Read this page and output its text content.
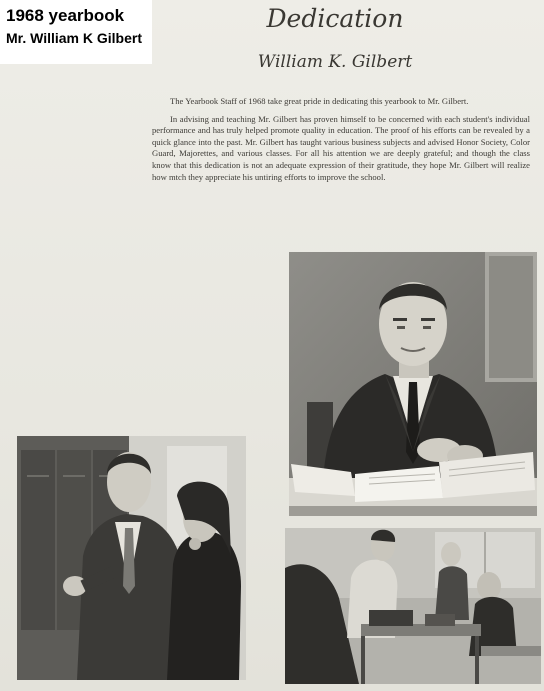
1968 yearbook
Mr. William K Gilbert
Dedication
William K. Gilbert

The Yearbook Staff of 1968 take great pride in dedicating this yearbook to Mr. Gilbert.

In advising and teaching Mr. Gilbert has proven himself to be concerned with each student's individual performance and has truly helped promote quality in education. The proof of his efforts can be revealed by a quick glance into the past. Mr. Gilbert has taught various business subjects and advised Honor Society, Color Guard, Majorettes, and various classes. For all his attention we are deeply grateful; and though the class know that this dedication is not an adequate expression of their gratitude, they hope Mr. Gilbert will realize how mtch they appreciate his untiring efforts to improve the school.
